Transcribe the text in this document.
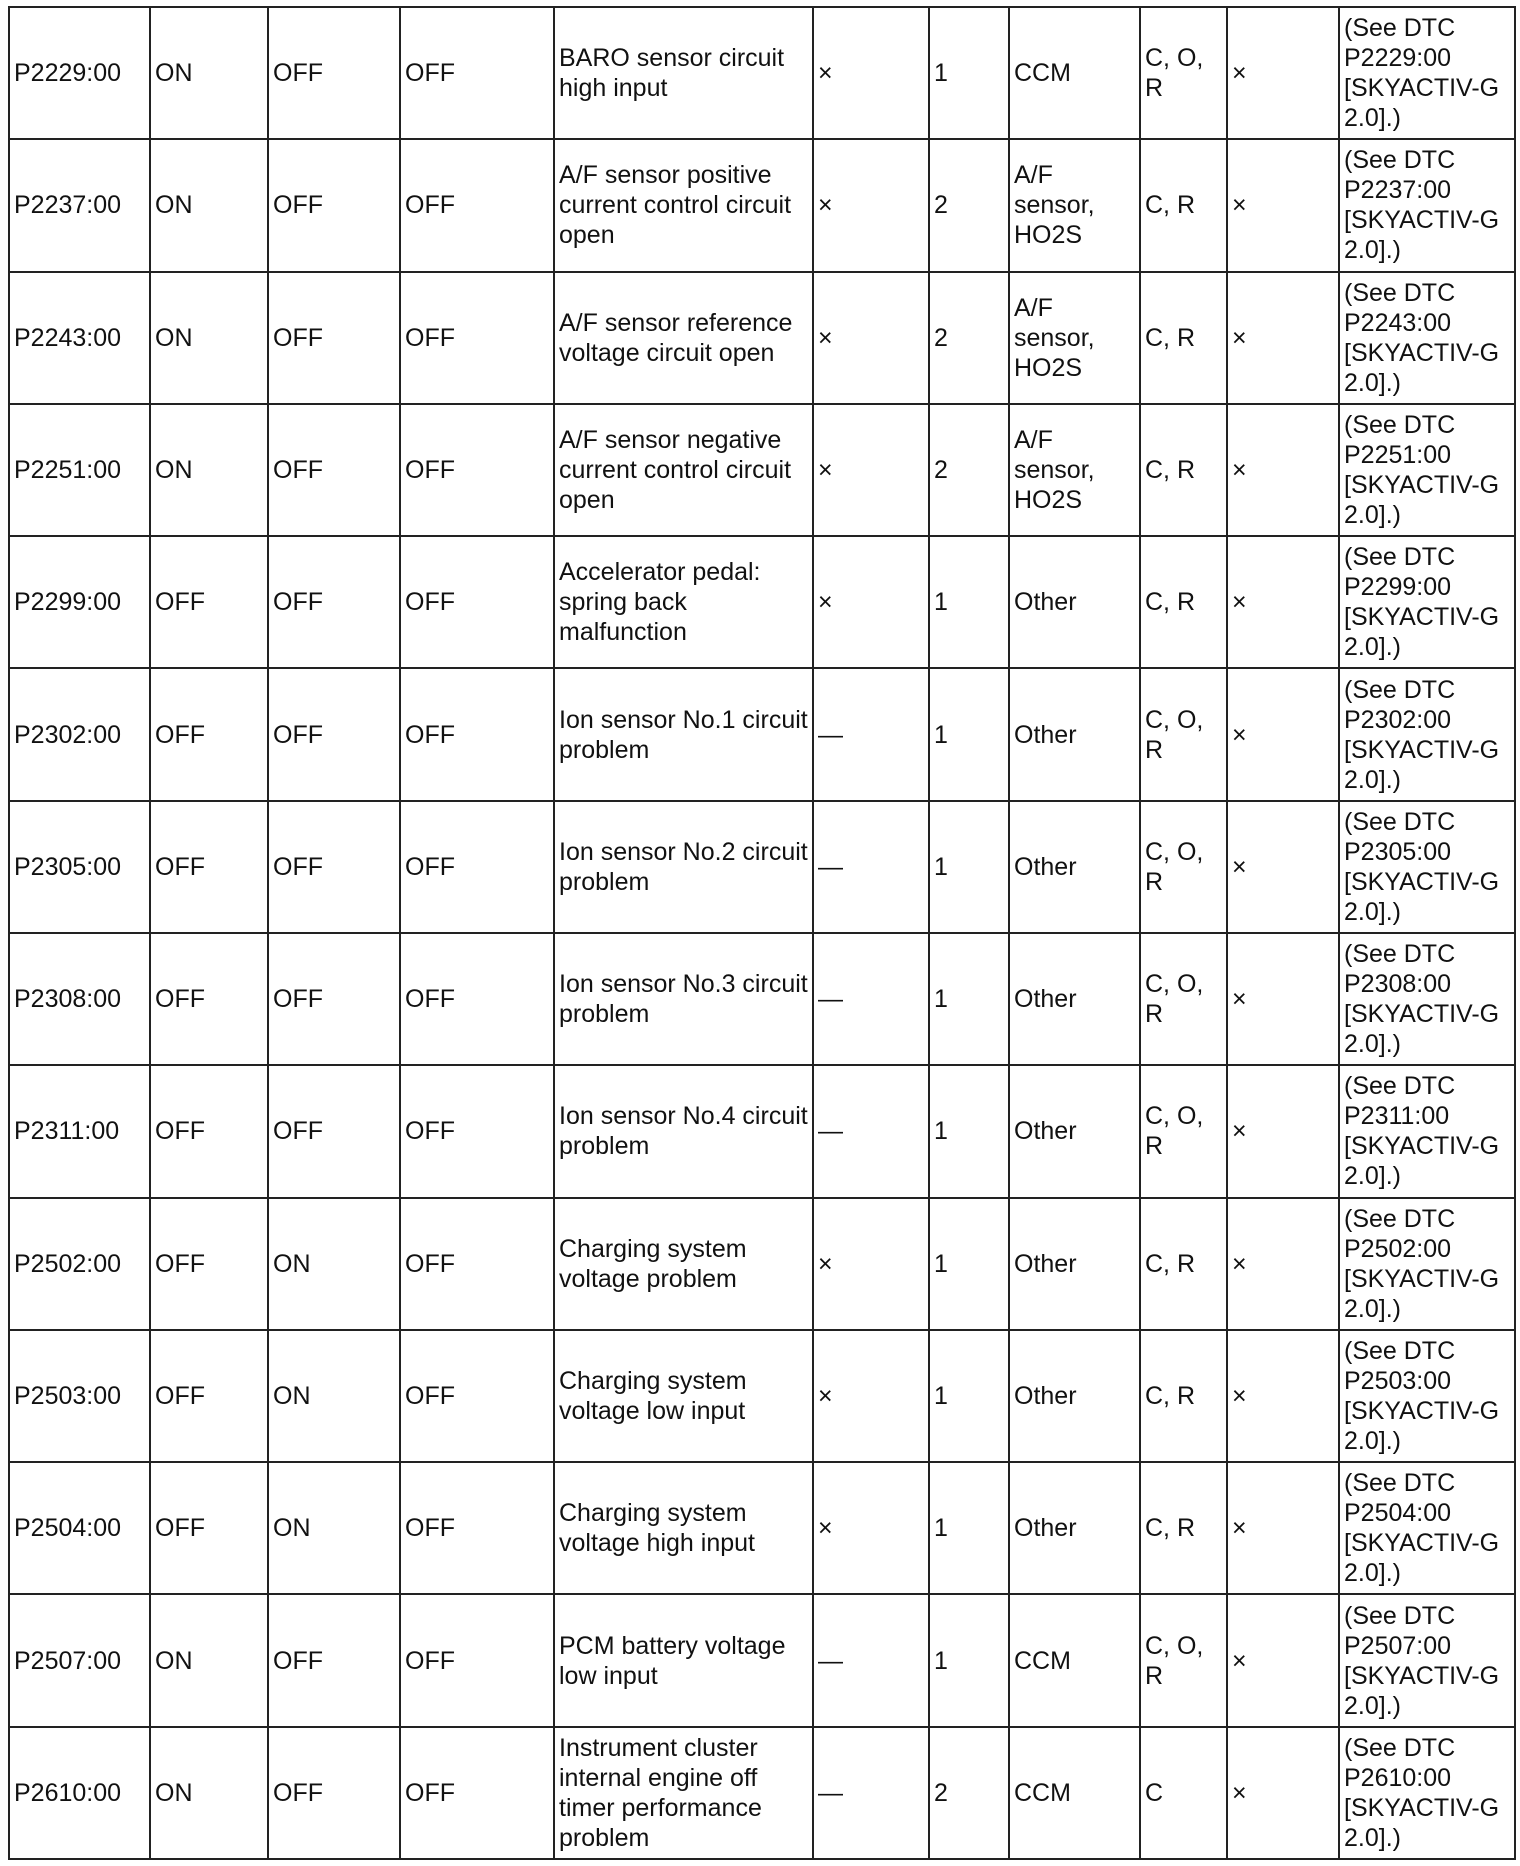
P2229:00	ON	OFF	OFF	BARO sensor circuit high input	×	1	CCM	C, O, R	×	(See DTC P2229:00 [SKYACTIV-G 2.0].)
P2237:00	ON	OFF	OFF	A/F sensor positive current control circuit open	×	2	A/F sensor, HO2S	C, R	×	(See DTC P2237:00 [SKYACTIV-G 2.0].)
P2243:00	ON	OFF	OFF	A/F sensor reference voltage circuit open	×	2	A/F sensor, HO2S	C, R	×	(See DTC P2243:00 [SKYACTIV-G 2.0].)
P2251:00	ON	OFF	OFF	A/F sensor negative current control circuit open	×	2	A/F sensor, HO2S	C, R	×	(See DTC P2251:00 [SKYACTIV-G 2.0].)
P2299:00	OFF	OFF	OFF	Accelerator pedal: spring back malfunction	×	1	Other	C, R	×	(See DTC P2299:00 [SKYACTIV-G 2.0].)
P2302:00	OFF	OFF	OFF	Ion sensor No.1 circuit problem	—	1	Other	C, O, R	×	(See DTC P2302:00 [SKYACTIV-G 2.0].)
P2305:00	OFF	OFF	OFF	Ion sensor No.2 circuit problem	—	1	Other	C, O, R	×	(See DTC P2305:00 [SKYACTIV-G 2.0].)
P2308:00	OFF	OFF	OFF	Ion sensor No.3 circuit problem	—	1	Other	C, O, R	×	(See DTC P2308:00 [SKYACTIV-G 2.0].)
P2311:00	OFF	OFF	OFF	Ion sensor No.4 circuit problem	—	1	Other	C, O, R	×	(See DTC P2311:00 [SKYACTIV-G 2.0].)
P2502:00	OFF	ON	OFF	Charging system voltage problem	×	1	Other	C, R	×	(See DTC P2502:00 [SKYACTIV-G 2.0].)
P2503:00	OFF	ON	OFF	Charging system voltage low input	×	1	Other	C, R	×	(See DTC P2503:00 [SKYACTIV-G 2.0].)
P2504:00	OFF	ON	OFF	Charging system voltage high input	×	1	Other	C, R	×	(See DTC P2504:00 [SKYACTIV-G 2.0].)
P2507:00	ON	OFF	OFF	PCM battery voltage low input	—	1	CCM	C, O, R	×	(See DTC P2507:00 [SKYACTIV-G 2.0].)
P2610:00	ON	OFF	OFF	Instrument cluster internal engine off timer performance problem	—	2	CCM	C	×	(See DTC P2610:00 [SKYACTIV-G 2.0].)
